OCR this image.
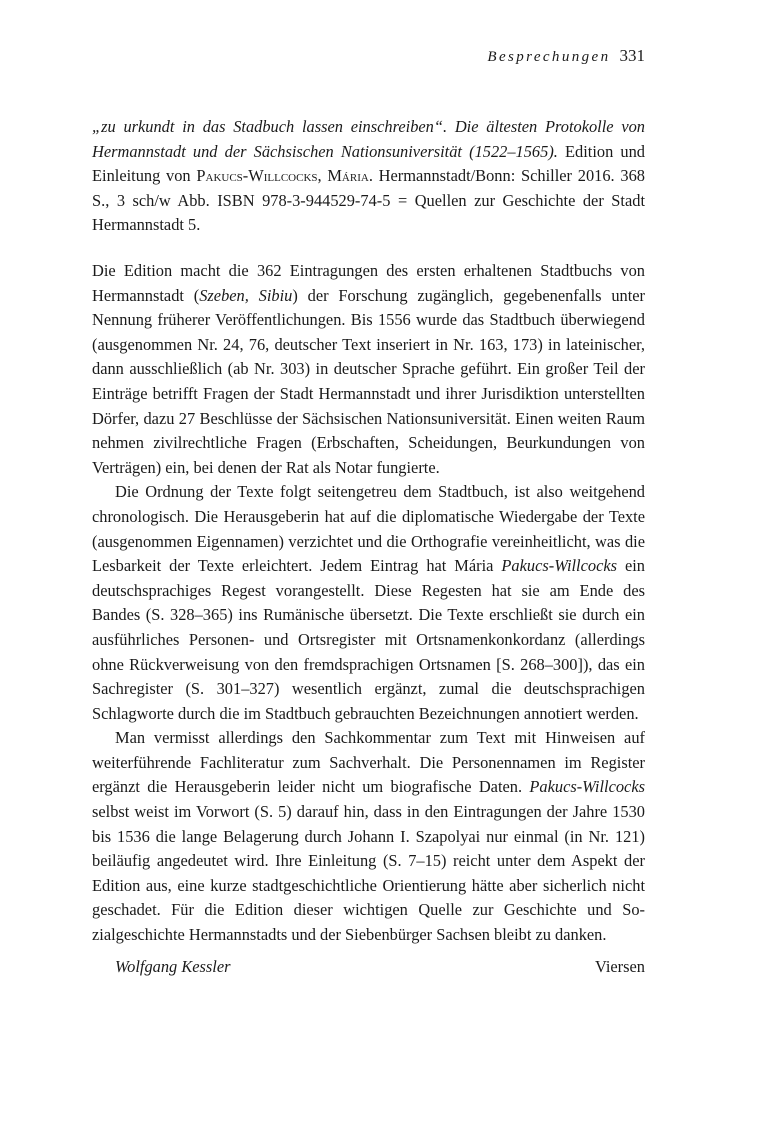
Besprechungen 331

„zu urkundt in das Stadbuch lassen einschreiben“. Die ältesten Protokolle von Hermannstadt und der Sächsischen Nationsuniversität (1522–1565). Edition und Einleitung von Pakucs-Willcocks, Mária. Hermannstadt/Bonn: Schiller 2016. 368 S., 3 sch/w Abb. ISBN 978-3-944529-74-5 = Quellen zur Geschichte der Stadt Hermannstadt 5.

Die Edition macht die 362 Eintragungen des ersten erhaltenen Stadtbuchs von Hermannstadt (Szeben, Sibiu) der Forschung zugänglich, gegebenenfalls unter Nennung früherer Veröffentlichungen. Bis 1556 wurde das Stadtbuch überwiegend (ausgenommen Nr. 24, 76, deutscher Text inseriert in Nr. 163, 173) in lateinischer, dann ausschließlich (ab Nr. 303) in deutscher Sprache geführt. Ein großer Teil der Einträge betrifft Fragen der Stadt Hermannstadt und ihrer Jurisdiktion unterstellten Dörfer, dazu 27 Beschlüsse der Sächsischen Nationsuniversität. Einen weiten Raum nehmen zivilrechtliche Fragen (Erbschaften, Scheidungen, Beurkundungen von Verträgen) ein, bei denen der Rat als Notar fungierte.

Die Ordnung der Texte folgt seitengetreu dem Stadtbuch, ist also weitgehend chronologisch. Die Herausgeberin hat auf die diplomatische Wiedergabe der Texte (ausgenommen Eigennamen) verzichtet und die Orthografie vereinheitlicht, was die Lesbarkeit der Texte erleichtert. Jedem Eintrag hat Mária Pakucs-Willcocks ein deutschsprachiges Regest vorangestellt. Diese Regesten hat sie am Ende des Bandes (S. 328–365) ins Rumänische übersetzt. Die Texte erschließt sie durch ein ausführliches Personen- und Ortsregister mit Ortsnamenkonkordanz (allerdings ohne Rückverweisung von den fremdsprachigen Ortsnamen [S. 268–300]), das ein Sachregister (S. 301–327) wesentlich ergänzt, zumal die deutschsprachigen Schlagworte durch die im Stadtbuch gebrauchten Bezeichnungen annotiert werden.

Man vermisst allerdings den Sachkommentar zum Text mit Hinweisen auf weiterführende Fachliteratur zum Sachverhalt. Die Personennamen im Register ergänzt die Herausgeberin leider nicht um biografische Daten. Pakucs-Willcocks selbst weist im Vorwort (S. 5) darauf hin, dass in den Eintragungen der Jahre 1530 bis 1536 die lange Belagerung durch Johann I. Szapolyai nur einmal (in Nr. 121) beiläufig angedeutet wird. Ihre Einleitung (S. 7–15) reicht unter dem Aspekt der Edition aus, eine kurze stadtgeschichtliche Orientierung hätte aber sicherlich nicht geschadet. Für die Edition dieser wichtigen Quelle zur Geschichte und Sozialgeschichte Hermannstadts und der Siebenbürger Sachsen bleibt zu danken.

Wolfgang Kessler	Viersen
